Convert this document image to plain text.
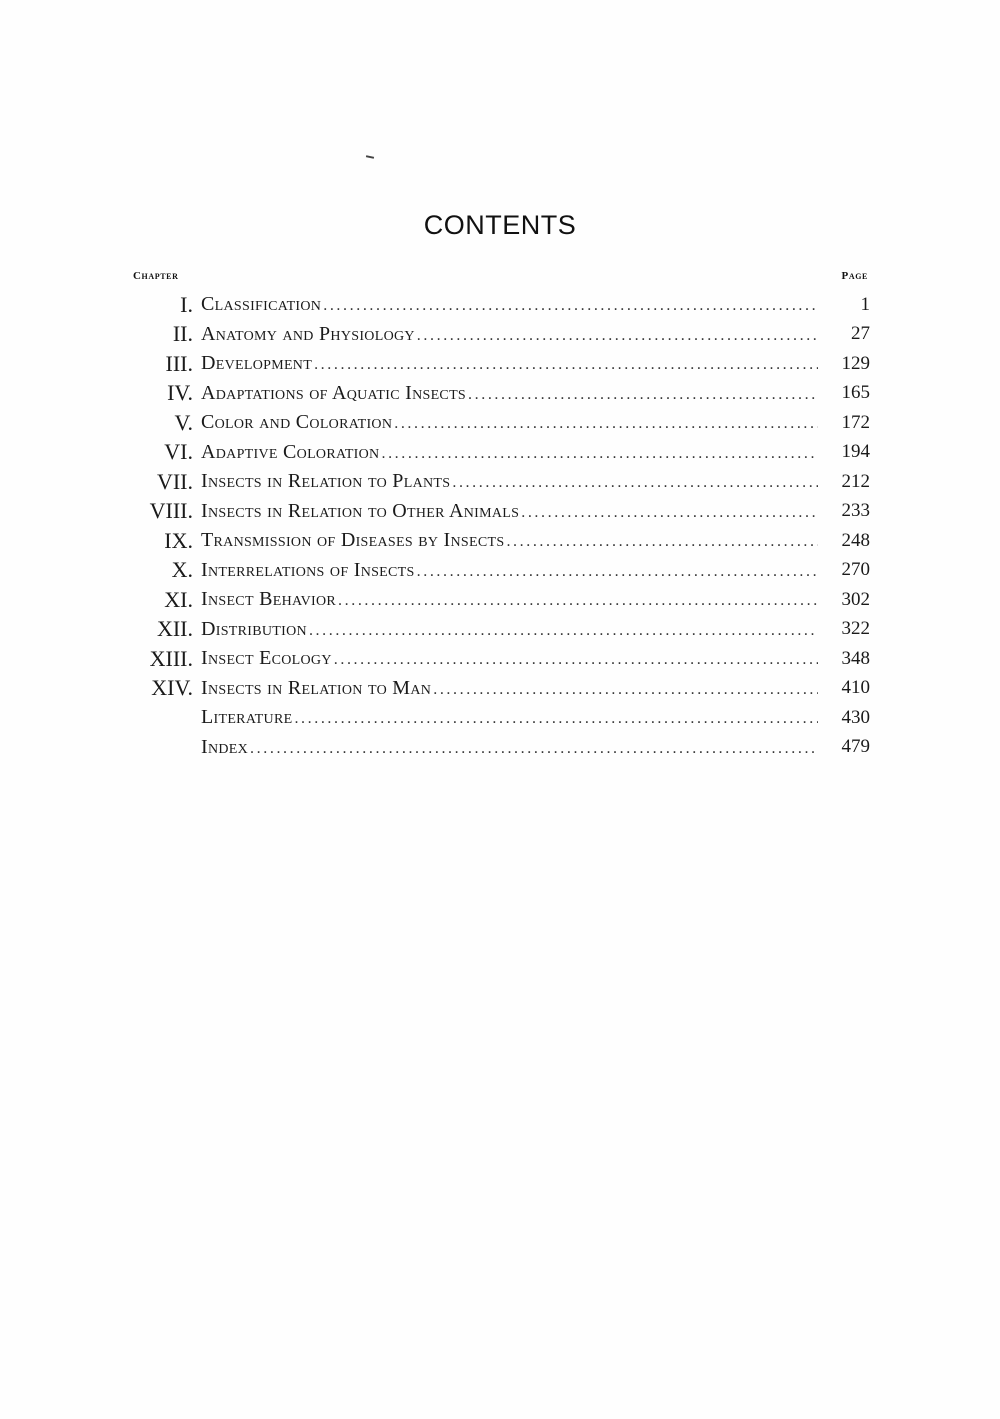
CONTENTS
Chapter	Page
I. Classification .....	1
II. Anatomy and Physiology .....	27
III. Development .....	129
IV. Adaptations of Aquatic Insects .....	165
V. Color and Coloration .....	172
VI. Adaptive Coloration .....	194
VII. Insects in Relation to Plants .....	212
VIII. Insects in Relation to Other Animals .....	233
IX. Transmission of Diseases by Insects .....	248
X. Interrelations of Insects .....	270
XI. Insect Behavior .....	302
XII. Distribution .....	322
XIII. Insect Ecology .....	348
XIV. Insects in Relation to Man .....	410
Literature .....	430
Index .....	479
